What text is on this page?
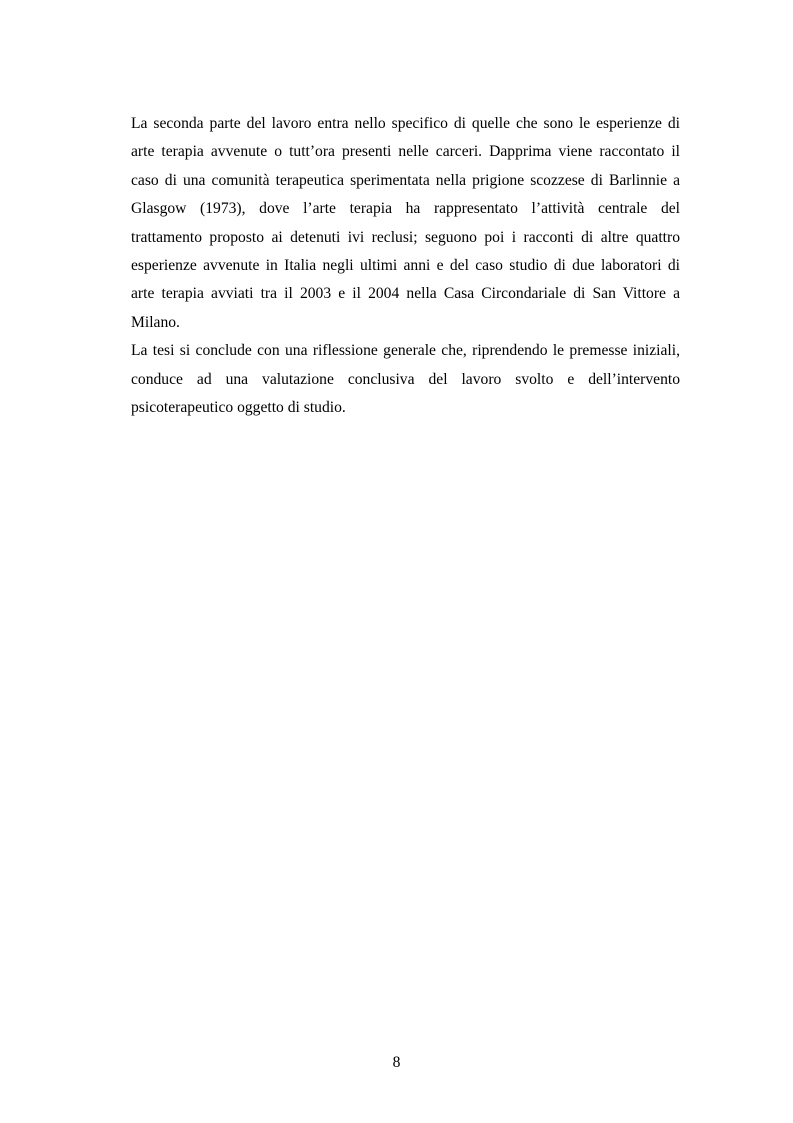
La seconda parte del lavoro entra nello specifico di quelle che sono le esperienze di
arte terapia avvenute o tutt’ora presenti nelle carceri. Dapprima viene raccontato il
caso di una comunità terapeutica sperimentata nella prigione scozzese di Barlinnie a
Glasgow (1973), dove l’arte terapia ha rappresentato l’attività centrale del
trattamento proposto ai detenuti ivi reclusi; seguono poi i racconti di altre quattro
esperienze avvenute in Italia negli ultimi anni e del caso studio di due laboratori di
arte terapia avviati tra il 2003 e il 2004 nella Casa Circondariale di San Vittore a
Milano.
La tesi si conclude con una riflessione generale che, riprendendo le premesse iniziali,
conduce ad una valutazione conclusiva del lavoro svolto e dell’intervento
psicoterapeutico oggetto di studio.
8
